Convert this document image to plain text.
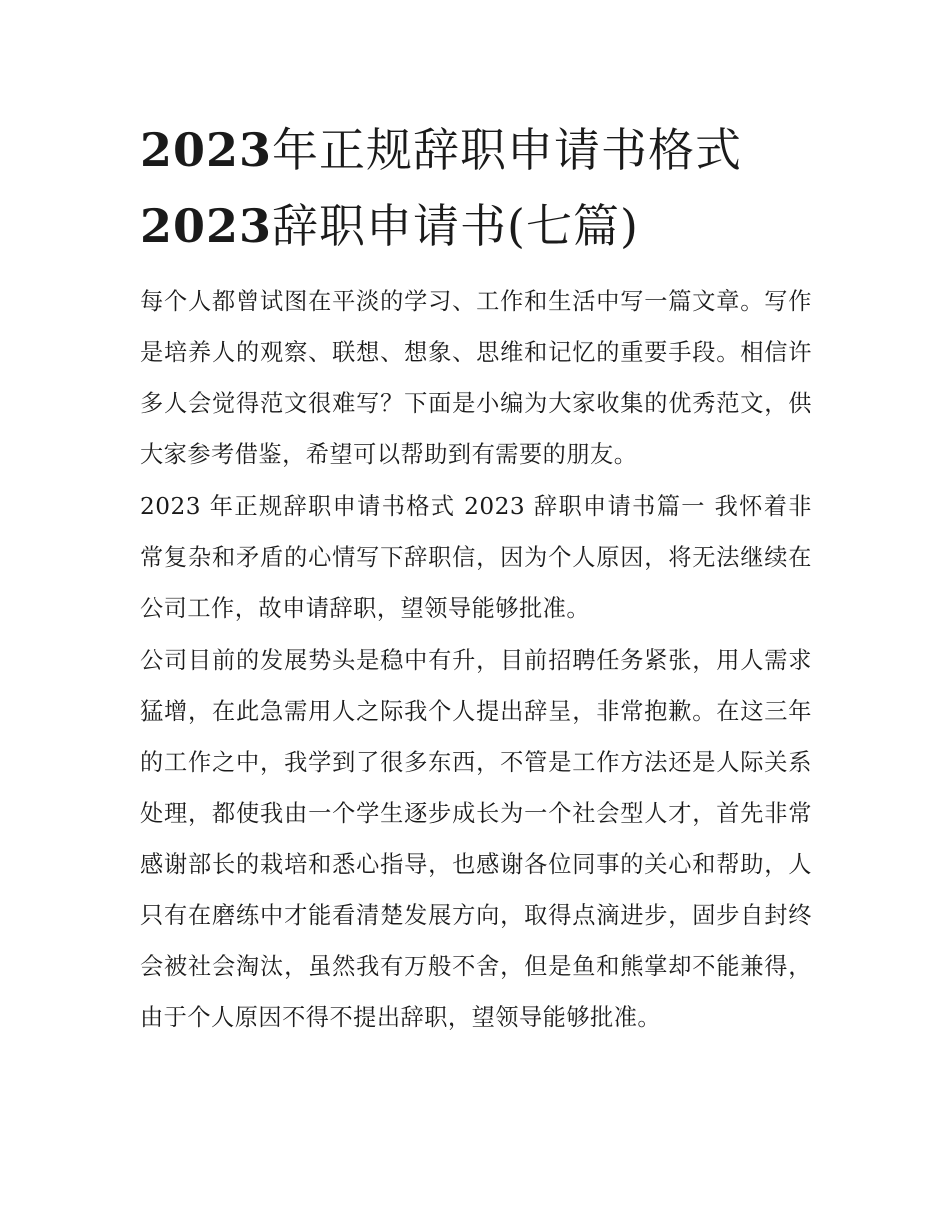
2023年正规辞职申请书格式
2023辞职申请书(七篇)

每个人都曾试图在平淡的学习、工作和生活中写一篇文章。写作是培养人的观察、联想、想象、思维和记忆的重要手段。相信许多人会觉得范文很难写？下面是小编为大家收集的优秀范文，供大家参考借鉴，希望可以帮助到有需要的朋友。

2023 年正规辞职申请书格式 2023 辞职申请书篇一 我怀着非常复杂和矛盾的心情写下辞职信，因为个人原因，将无法继续在公司工作，故申请辞职，望领导能够批准。

公司目前的发展势头是稳中有升，目前招聘任务紧张，用人需求猛增，在此急需用人之际我个人提出辞呈，非常抱歉。在这三年的工作之中，我学到了很多东西，不管是工作方法还是人际关系处理，都使我由一个学生逐步成长为一个社会型人才，首先非常感谢部长的栽培和悉心指导，也感谢各位同事的关心和帮助，人只有在磨练中才能看清楚发展方向，取得点滴进步，固步自封终会被社会淘汰，虽然我有万般不舍，但是鱼和熊掌却不能兼得，由于个人原因不得不提出辞职，望领导能够批准。
